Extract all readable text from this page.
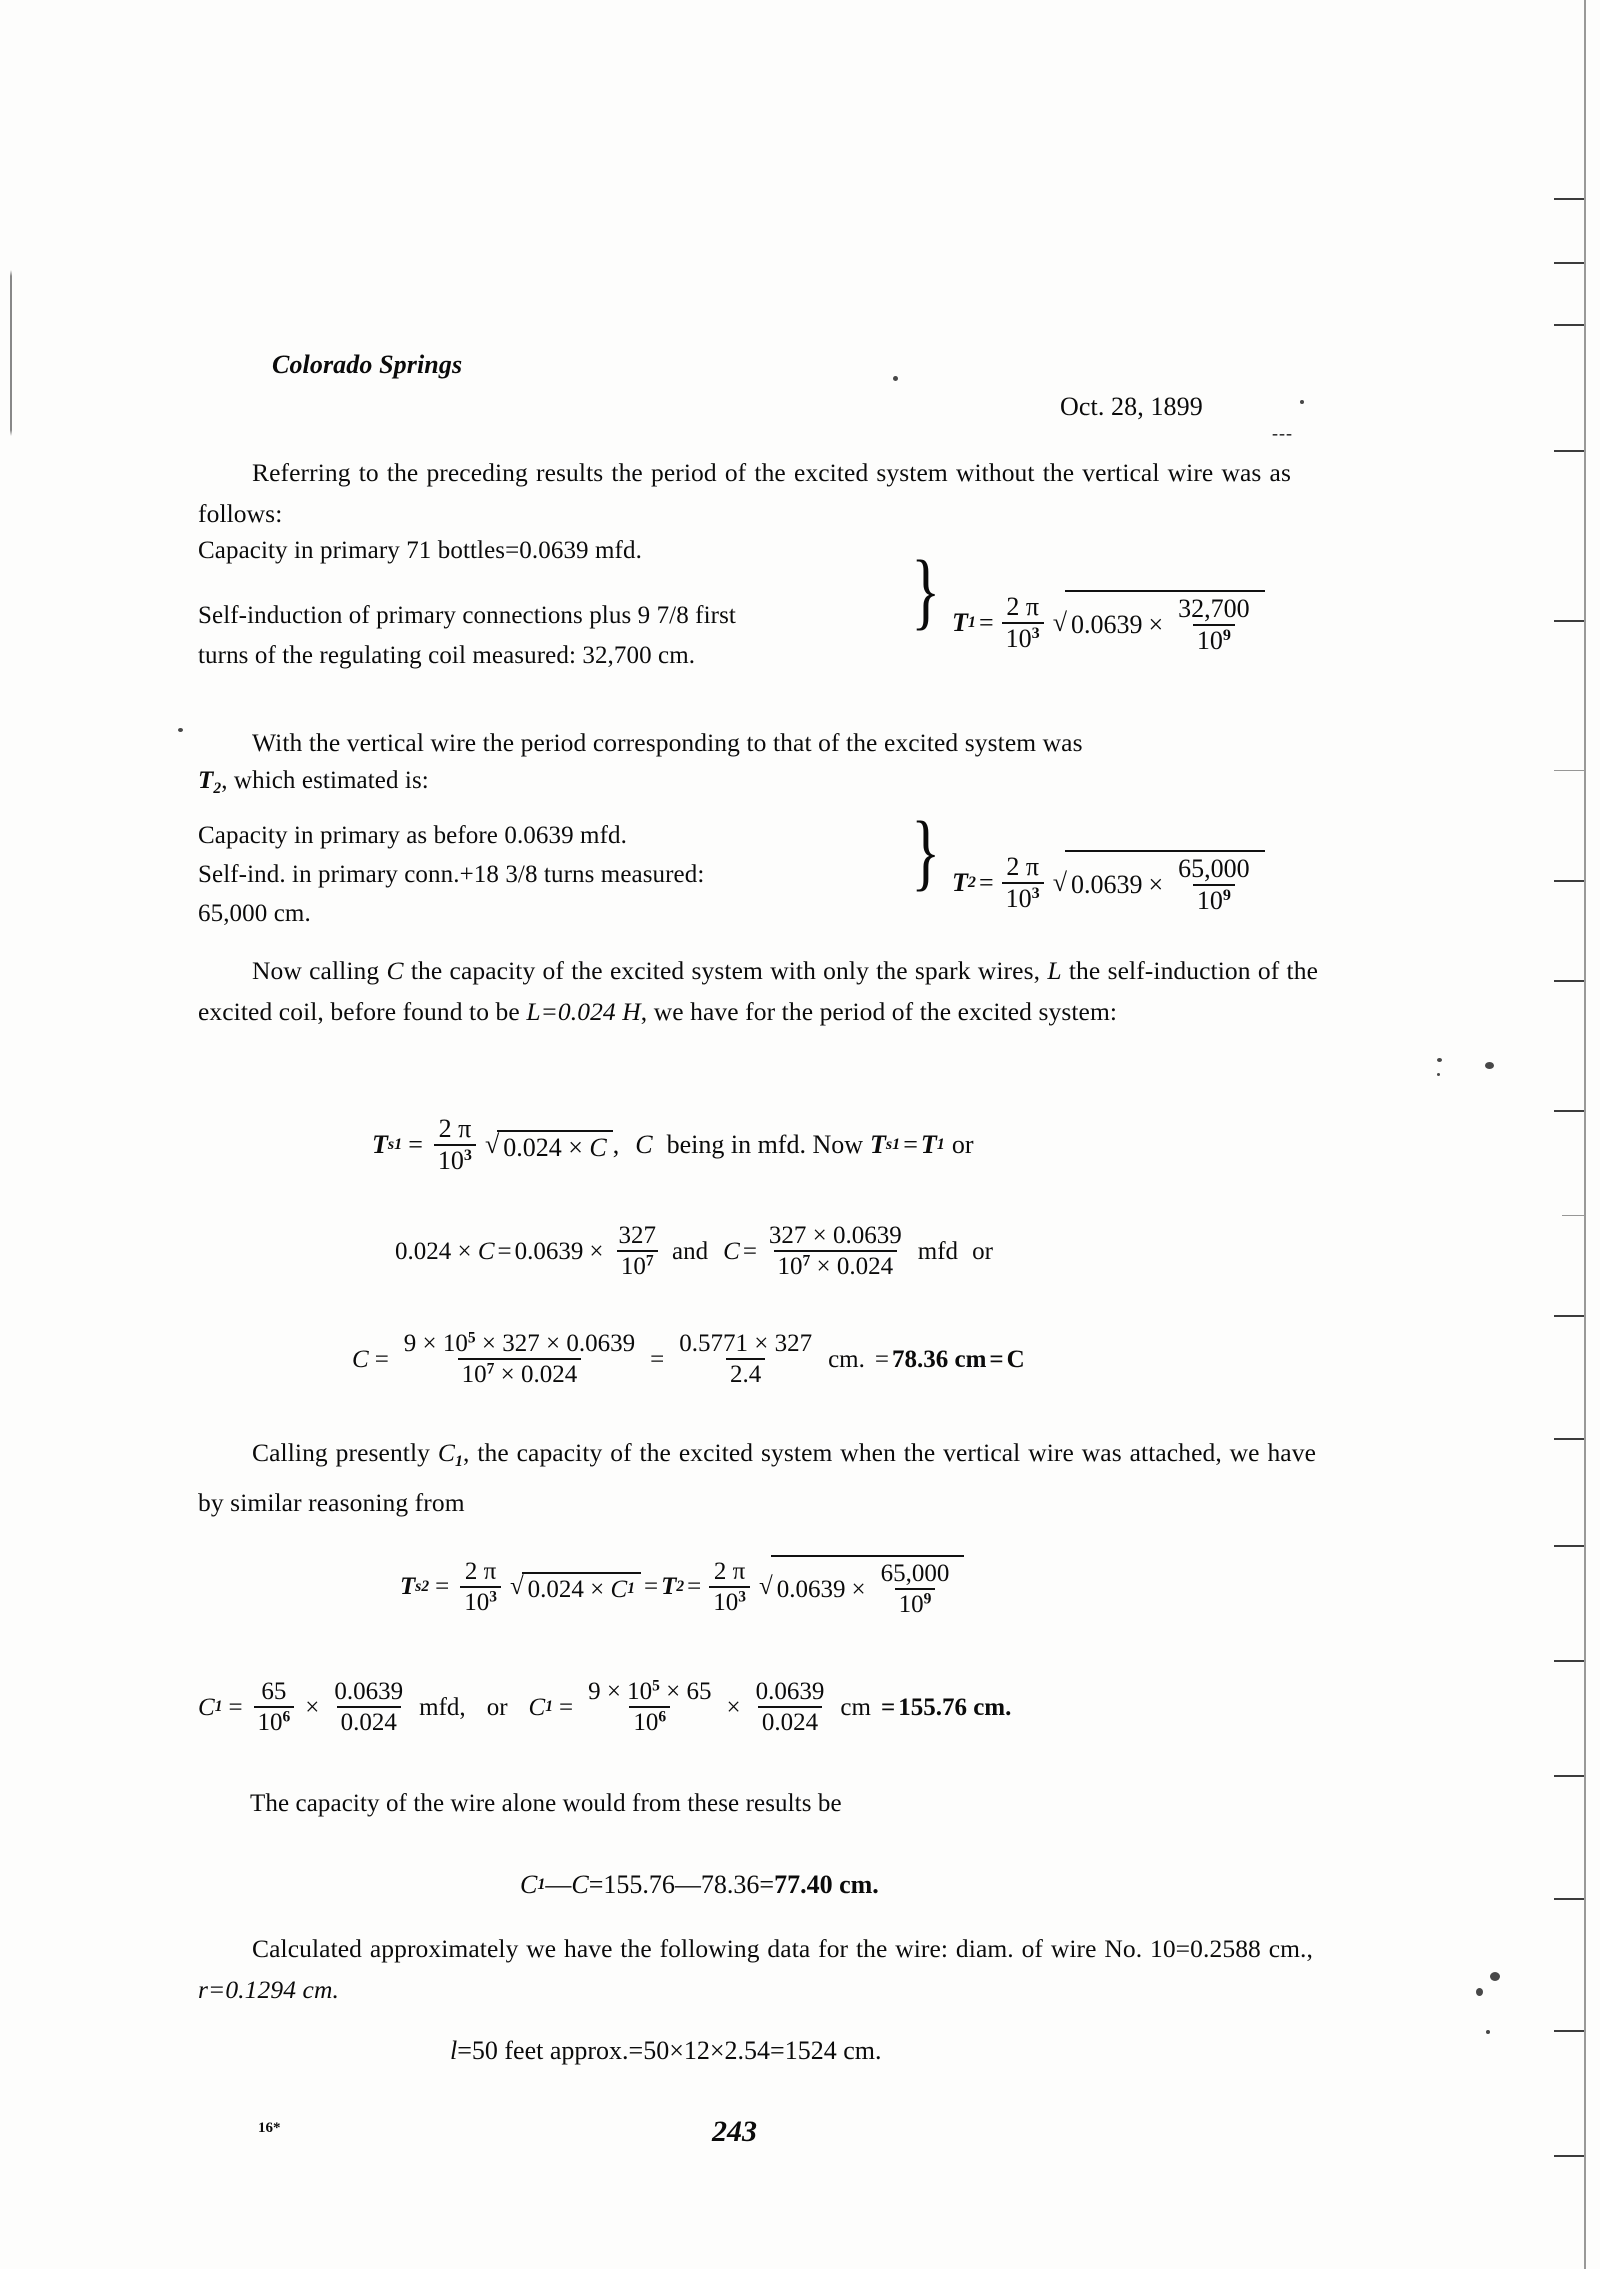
Colorado Springs
Oct. 28, 1899
---
Referring to the preceding results the period of the excited system without the vertical wire was as follows:
Capacity in primary 71 bottles=0.0639 mfd.
Self-induction of primary connections plus 9 7/8 first
turns of the regulating coil measured: 32,700 cm.
} T $1 = \frac{2 \pi}{10^3}$ √ $0.0639 \times \frac{32,700}{10^9}$
With the vertical wire the period corresponding to that of the excited system was
$T_2$, which estimated is:
Capacity in primary as before 0.0639 mfd.
Self-ind. in primary conn.+18 3/8 turns measured:
65,000 cm.
} T $2 = \frac{2 \pi}{10^3}$ √ $0.0639 \times \frac{65,000}{10^9}$
Now calling C the capacity of the excited system with only the spark wires, L the self-induction of the excited coil, before found to be L=0.024 H, we have for the period of the excited system:
T $s1 = \frac{2 \pi}{10^3}$ √ 0.024 ×
C , C being in mfd. Now T s1 = T 1 or
0.024 ×
$C = 0.0639 \times \frac{327}{10^7}$ and $C = \frac{327 \times 0.0639}{10^7 \times 0.024}$ mfd or
$C = \frac{9 \times 10^5 \times 327 \times 0.0639}{10^7 \times 0.024} = \frac{0.5771 \times 327}{2.4}$ cm. = 78.36 cm = C
Calling presently $C_1$, the capacity of the excited system when the vertical wire was attached, we have by similar reasoning from
T $s2 = \frac{2 \pi}{10^3}$ √ 0.024 ×
C 1 = T $2 = \frac{2 \pi}{10^3}$ √ $0.0639 \times \frac{65,000}{10^9}$
C $1 = \frac{65}{10^6} \times \frac{0.0639}{0.024}$ mfd, or C $1 = \frac{9 \times 10^5 \times 65}{10^6} \times \frac{0.0639}{0.024}$ cm = 155.76 cm.
The capacity of the wire alone would from these results be
C 1 — C = 155.76—78.36= 77.40 cm.
Calculated approximately we have the following data for the wire: diam. of wire No. 10=0.2588 cm., r=0.1294 cm.
l =50 feet approx.=50×12×2.54=1524 cm.
16*	243
